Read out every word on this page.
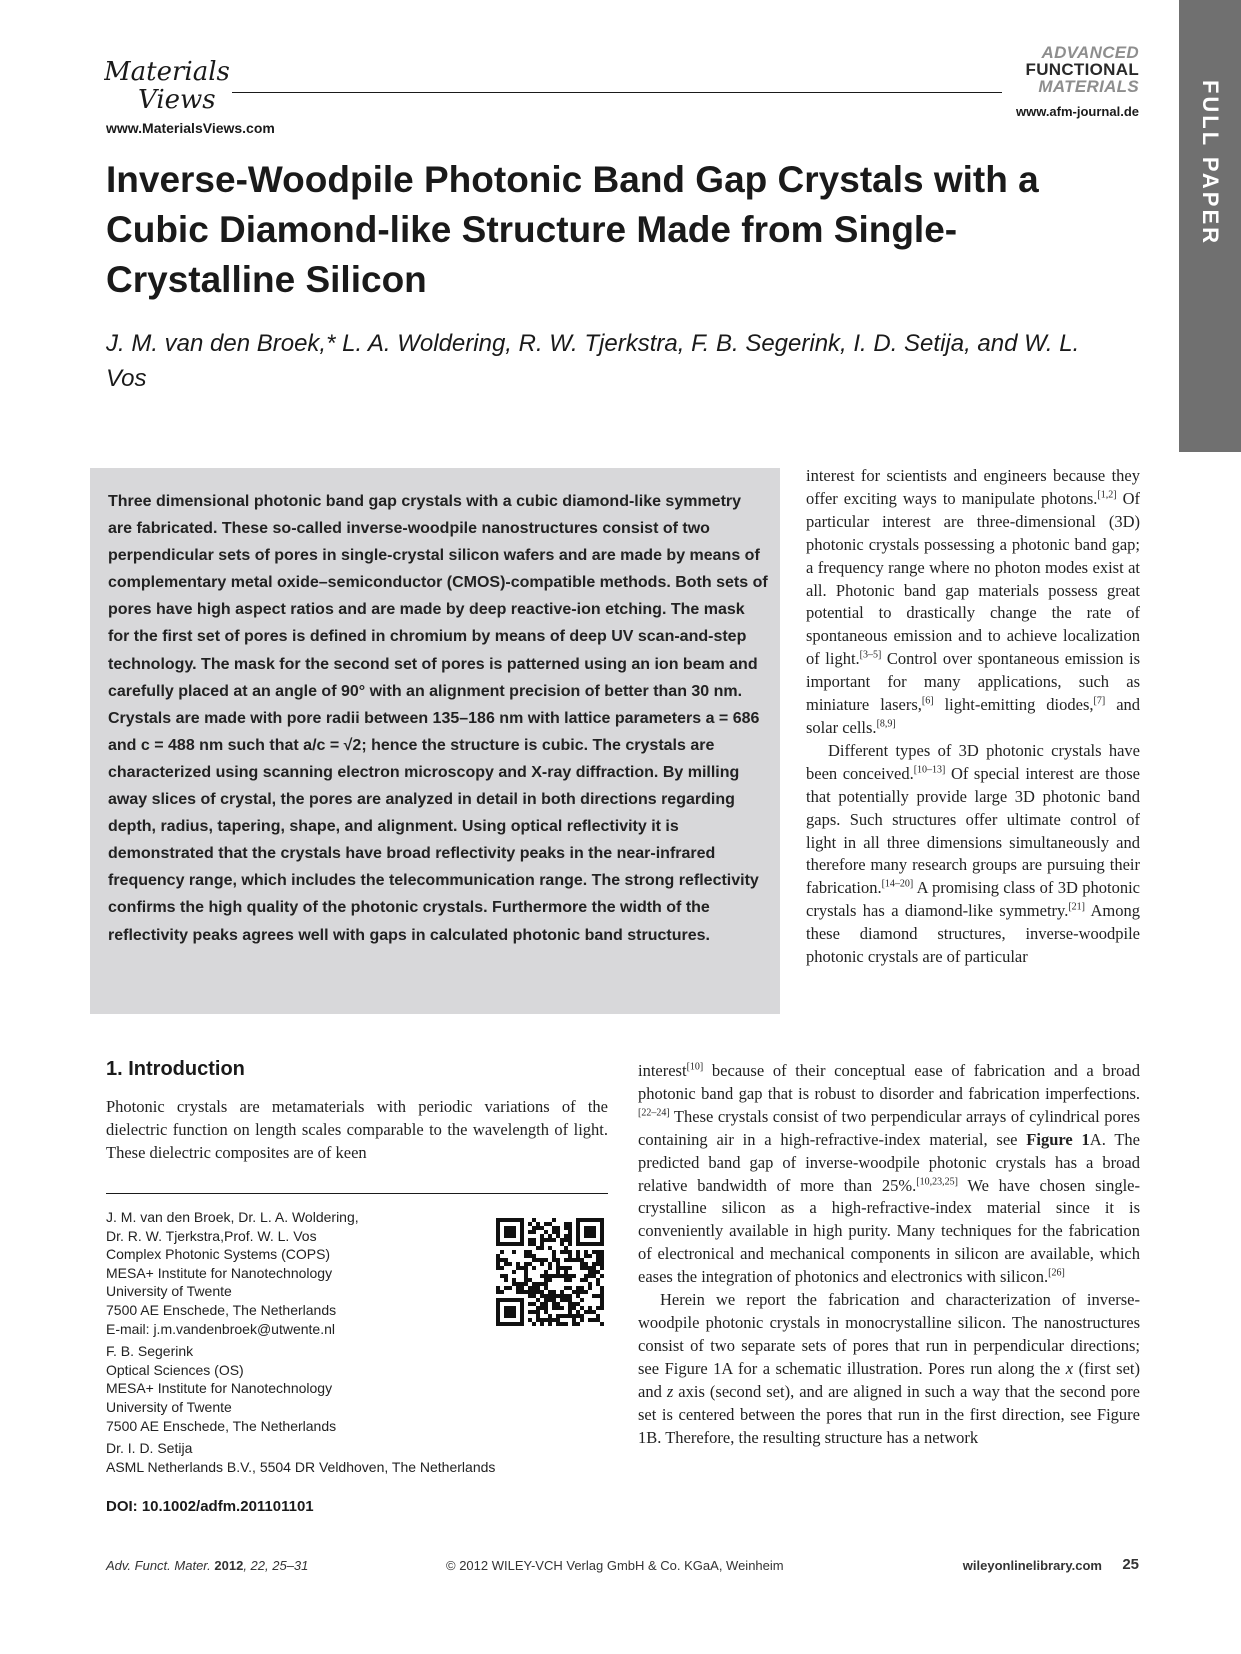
Materials
Views
www.MaterialsViews.com
ADVANCED
FUNCTIONAL
MATERIALS
www.afm-journal.de	FULL PAPER
Inverse-Woodpile Photonic Band Gap Crystals with a Cubic Diamond-like Structure Made from Single-Crystalline Silicon

J. M. van den Broek,* L. A. Woldering, R. W. Tjerkstra, F. B. Segerink, I. D. Setija, and W. L. Vos

Three dimensional photonic band gap crystals with a cubic diamond-like symmetry are fabricated. These so-called inverse-woodpile nanostructures consist of two perpendicular sets of pores in single-crystal silicon wafers and are made by means of complementary metal oxide–semiconductor (CMOS)-compatible methods. Both sets of pores have high aspect ratios and are made by deep reactive-ion etching. The mask for the first set of pores is defined in chromium by means of deep UV scan-and-step technology. The mask for the second set of pores is patterned using an ion beam and carefully placed at an angle of 90° with an alignment precision of better than 30 nm. Crystals are made with pore radii between 135–186 nm with lattice parameters a = 686 and c = 488 nm such that a/c = √2; hence the structure is cubic. The crystals are characterized using scanning electron microscopy and X-ray diffraction. By milling away slices of crystal, the pores are analyzed in detail in both directions regarding depth, radius, tapering, shape, and alignment. Using optical reflectivity it is demonstrated that the crystals have broad reflectivity peaks in the near-infrared frequency range, which includes the telecommunication range. The strong reflectivity confirms the high quality of the photonic crystals. Furthermore the width of the reflectivity peaks agrees well with gaps in calculated photonic band structures.

interest for scientists and engineers because they offer exciting ways to manipulate photons.[1,2] Of particular interest are three-dimensional (3D) photonic crystals possessing a photonic band gap; a frequency range where no photon modes exist at all. Photonic band gap materials possess great potential to drastically change the rate of spontaneous emission and to achieve localization of light.[3–5] Control over spontaneous emission is important for many applications, such as miniature lasers,[6] light-emitting diodes,[7] and solar cells.[8,9]

Different types of 3D photonic crystals have been conceived.[10–13] Of special interest are those that potentially provide large 3D photonic band gaps. Such structures offer ultimate control of light in all three dimensions simultaneously and therefore many research groups are pursuing their fabrication.[14–20] A promising class of 3D photonic crystals has a diamond-like symmetry.[21] Among these diamond structures, inverse-woodpile photonic crystals are of particular

1. Introduction

Photonic crystals are metamaterials with periodic variations of the dielectric function on length scales comparable to the wavelength of light. These dielectric composites are of keen

interest[10] because of their conceptual ease of fabrication and a broad photonic band gap that is robust to disorder and fabrication imperfections.[22–24] These crystals consist of two perpendicular arrays of cylindrical pores containing air in a high-refractive-index material, see Figure 1A. The predicted band gap of inverse-woodpile photonic crystals has a broad relative bandwidth of more than 25%.[10,23,25] We have chosen single-crystalline silicon as a high-refractive-index material since it is conveniently available in high purity. Many techniques for the fabrication of electronical and mechanical components in silicon are available, which eases the integration of photonics and electronics with silicon.[26]

Herein we report the fabrication and characterization of inverse-woodpile photonic crystals in monocrystalline silicon. The nanostructures consist of two separate sets of pores that run in perpendicular directions; see Figure 1A for a schematic illustration. Pores run along the x (first set) and z axis (second set), and are aligned in such a way that the second pore set is centered between the pores that run in the first direction, see Figure 1B. Therefore, the resulting structure has a network

J. M. van den Broek, Dr. L. A. Woldering,
Dr. R. W. Tjerkstra,Prof. W. L. Vos
Complex Photonic Systems (COPS)
MESA+ Institute for Nanotechnology
University of Twente
7500 AE Enschede, The Netherlands
E-mail: j.m.vandenbroek@utwente.nl
F. B. Segerink
Optical Sciences (OS)
MESA+ Institute for Nanotechnology
University of Twente
7500 AE Enschede, The Netherlands
Dr. I. D. Setija
ASML Netherlands B.V., 5504 DR Veldhoven, The Netherlands
DOI: 10.1002/adfm.201101101
Adv. Funct. Mater. 2012, 22, 25–31	© 2012 WILEY-VCH Verlag GmbH & Co. KGaA, Weinheim	wileyonlinelibrary.com 25
